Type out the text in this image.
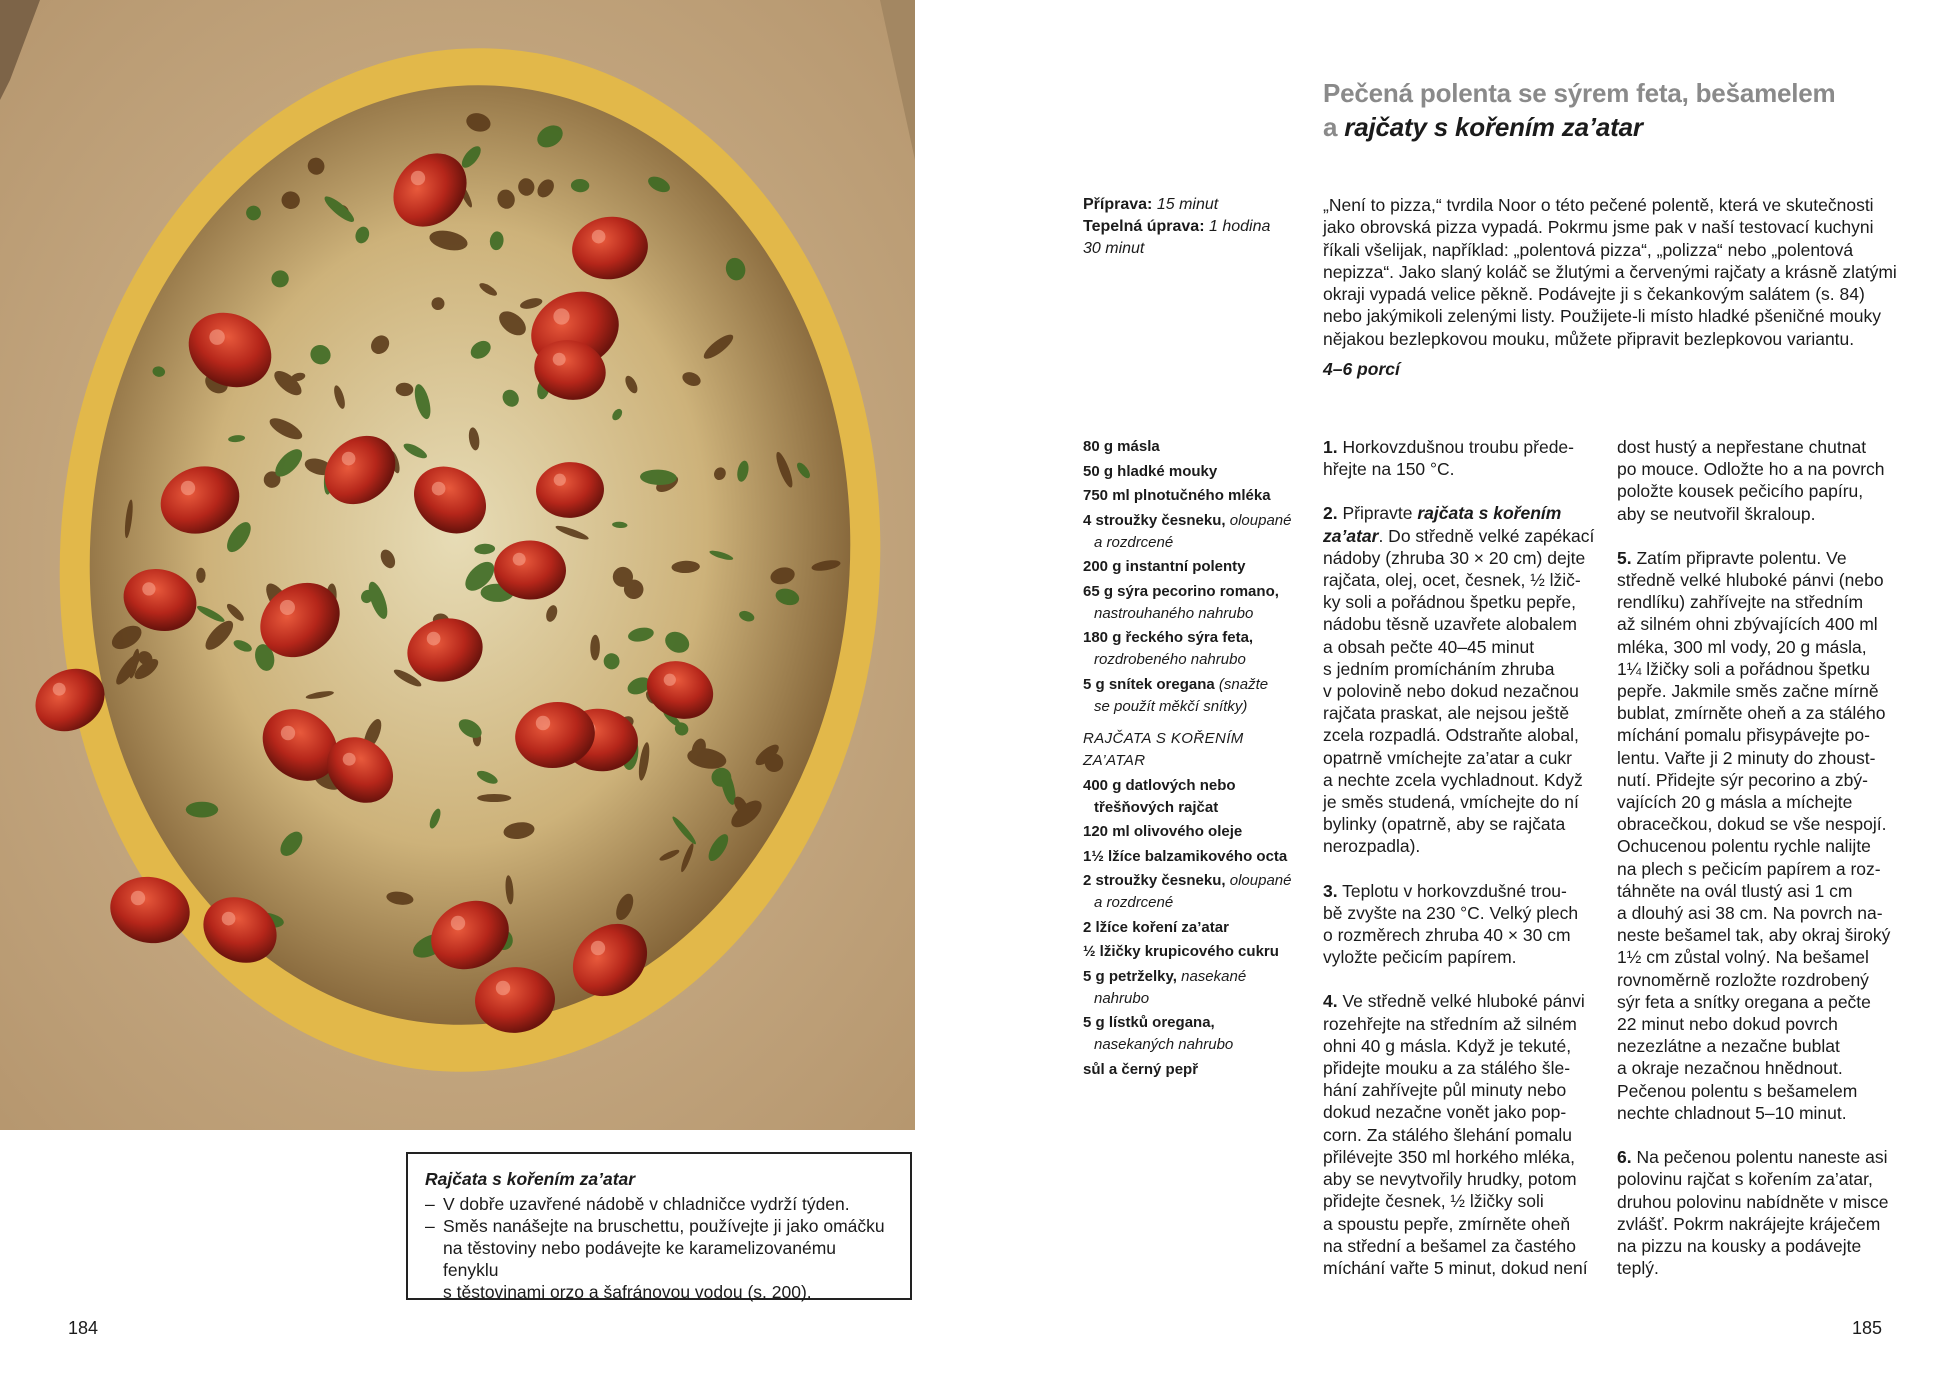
Rajčata s kořením za’atar
– V dobře uzavřené nádobě v chladničce vydrží týden.
– Směs nanášejte na bruschettu, používejte ji jako omáčku
na těstoviny nebo podávejte ke karamelizovanému fenyklu
s těstovinami orzo a šafránovou vodou (s. 200).
184
Pečená polenta se sýrem feta, bešamelem
a rajčaty s kořením za’atar
Příprava: 15 minut
Tepelná úprava: 1 hodina
30 minut
„Není to pizza,“ tvrdila Noor o této pečené polentě, která ve skutečnosti
jako obrovská pizza vypadá. Pokrmu jsme pak v naší testovací kuchyni
říkali všelijak, například: „polentová pizza“, „polizza“ nebo „polentová
nepizza“. Jako slaný koláč se žlutými a červenými rajčaty a krásně zlatými
okraji vypadá velice pěkně. Podávejte ji s čekankovým salátem (s. 84)
nebo jakýmikoli zelenými listy. Použijete-li místo hladké pšeničné mouky
nějakou bezlepkovou mouku, můžete připravit bezlepkovou variantu.
4–6 porcí
80 g másla
50 g hladké mouky
750 ml plnotučného mléka
4 stroužky česneku, oloupané
a rozdrcené
200 g instantní polenty
65 g sýra pecorino romano,
nastrouhaného nahrubo
180 g řeckého sýra feta,
rozdrobeného nahrubo
5 g snítek oregana (snažte
se použít měkčí snítky)
RAJČATA S KOŘENÍM
ZA’ATAR
400 g datlových nebo
třešňových rajčat
120 ml olivového oleje
1½ lžíce balzamikového octa
2 stroužky česneku, oloupané
a rozdrcené
2 lžíce koření za’atar
½ lžičky krupicového cukru
5 g petrželky, nasekané
nahrubo
5 g lístků oregana,
nasekaných nahrubo
sůl a černý pepř
1. Horkovzdušnou troubu přede-
hřejte na 150 °C.
2. Připravte rajčata s kořením
za’atar. Do středně velké zapékací
nádoby (zhruba 30 × 20 cm) dejte
rajčata, olej, ocet, česnek, ½ lžič-
ky soli a pořádnou špetku pepře,
nádobu těsně uzavřete alobalem
a obsah pečte 40–45 minut
s jedním promícháním zhruba
v polovině nebo dokud nezačnou
rajčata praskat, ale nejsou ještě
zcela rozpadlá. Odstraňte alobal,
opatrně vmíchejte za’atar a cukr
a nechte zcela vychladnout. Když
je směs studená, vmíchejte do ní
bylinky (opatrně, aby se rajčata
nerozpadla).
3. Teplotu v horkovzdušné trou-
bě zvyšte na 230 °C. Velký plech
o rozměrech zhruba 40 × 30 cm
vyložte pečicím papírem.
4. Ve středně velké hluboké pánvi
rozehřejte na středním až silném
ohni 40 g másla. Když je tekuté,
přidejte mouku a za stálého šle-
hání zahřívejte půl minuty nebo
dokud nezačne vonět jako pop-
corn. Za stálého šlehání pomalu
přilévejte 350 ml horkého mléka,
aby se nevytvořily hrudky, potom
přidejte česnek, ½ lžičky soli
a spoustu pepře, zmírněte oheň
na střední a bešamel za častého
míchání vařte 5 minut, dokud není
dost hustý a nepřestane chutnat
po mouce. Odložte ho a na povrch
položte kousek pečicího papíru,
aby se neutvořil škraloup.
5. Zatím připravte polentu. Ve
středně velké hluboké pánvi (nebo
rendlíku) zahřívejte na středním
až silném ohni zbývajících 400 ml
mléka, 300 ml vody, 20 g másla,
1¼ lžičky soli a pořádnou špetku
pepře. Jakmile směs začne mírně
bublat, zmírněte oheň a za stálého
míchání pomalu přisypávejte po-
lentu. Vařte ji 2 minuty do zhoust-
nutí. Přidejte sýr pecorino a zbý-
vajících 20 g másla a míchejte
obracečkou, dokud se vše nespojí.
Ochucenou polentu rychle nalijte
na plech s pečicím papírem a roz-
táhněte na ovál tlustý asi 1 cm
a dlouhý asi 38 cm. Na povrch na-
neste bešamel tak, aby okraj široký
1½ cm zůstal volný. Na bešamel
rovnoměrně rozložte rozdrobený
sýr feta a snítky oregana a pečte
22 minut nebo dokud povrch
nezezlátne a nezačne bublat
a okraje nezačnou hnědnout.
Pečenou polentu s bešamelem
nechte chladnout 5–10 minut.
6. Na pečenou polentu naneste asi
polovinu rajčat s kořením za’atar,
druhou polovinu nabídněte v misce
zvlášť. Pokrm nakrájejte kráječem
na pizzu na kousky a podávejte
teplý.
185
